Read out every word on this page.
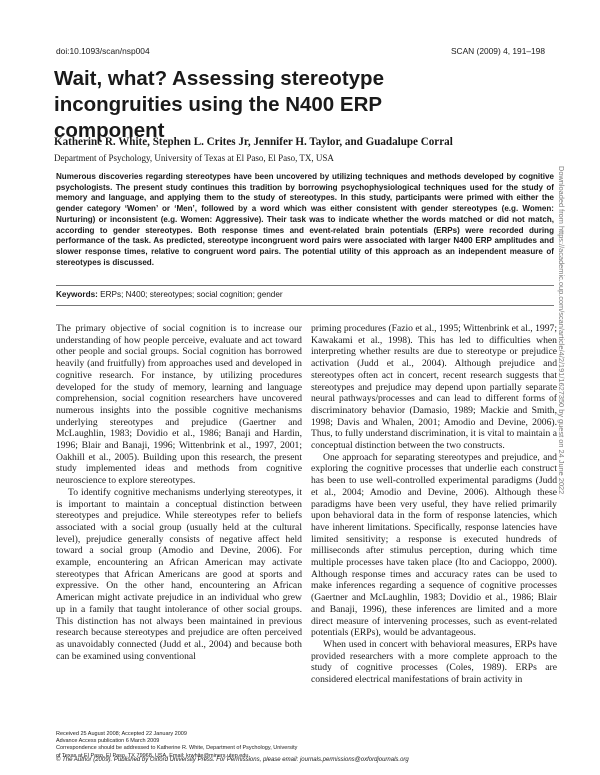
doi:10.1093/scan/nsp004	SCAN (2009) 4, 191–198
Wait, what? Assessing stereotype incongruities using the N400 ERP component
Katherine R. White, Stephen L. Crites Jr, Jennifer H. Taylor, and Guadalupe Corral
Department of Psychology, University of Texas at El Paso, El Paso, TX, USA
Numerous discoveries regarding stereotypes have been uncovered by utilizing techniques and methods developed by cognitive psychologists. The present study continues this tradition by borrowing psychophysiological techniques used for the study of memory and language, and applying them to the study of stereotypes. In this study, participants were primed with either the gender category ‘Women’ or ‘Men’, followed by a word which was either consistent with gender stereotypes (e.g. Women: Nurturing) or inconsistent (e.g. Women: Aggressive). Their task was to indicate whether the words matched or did not match, according to gender stereotypes. Both response times and event-related brain potentials (ERPs) were recorded during performance of the task. As predicted, stereotype incongruent word pairs were associated with larger N400 ERP amplitudes and slower response times, relative to congruent word pairs. The potential utility of this approach as an independent measure of stereotypes is discussed.
Keywords: ERPs; N400; stereotypes; social cognition; gender

The primary objective of social cognition is to increase our understanding of how people perceive, evaluate and act toward other people and social groups. Social cognition has borrowed heavily (and fruitfully) from approaches used and developed in cognitive research. For instance, by utilizing procedures developed for the study of memory, learning and language comprehension, social cognition researchers have uncovered numerous insights into the possible cognitive mechanisms underlying stereotypes and prejudice (Gaertner and McLaughlin, 1983; Dovidio et al., 1986; Banaji and Hardin, 1996; Blair and Banaji, 1996; Wittenbrink et al., 1997, 2001; Oakhill et al., 2005). Building upon this research, the present study implemented ideas and methods from cognitive neuroscience to explore stereotypes.

To identify cognitive mechanisms underlying stereotypes, it is important to maintain a conceptual distinction between stereotypes and prejudice. While stereotypes refer to beliefs associated with a social group (usually held at the cultural level), prejudice generally consists of negative affect held toward a social group (Amodio and Devine, 2006). For example, encountering an African American may activate stereotypes that African Americans are good at sports and expressive. On the other hand, encountering an African American might activate prejudice in an individual who grew up in a family that taught intolerance of other social groups. This distinction has not always been maintained in previous research because stereotypes and prejudice are often perceived as unavoidably connected (Judd et al., 2004) and because both can be examined using conventional

priming procedures (Fazio et al., 1995; Wittenbrink et al., 1997; Kawakami et al., 1998). This has led to difficulties when interpreting whether results are due to stereotype or prejudice activation (Judd et al., 2004). Although prejudice and stereotypes often act in concert, recent research suggests that stereotypes and prejudice may depend upon partially separate neural pathways/processes and can lead to different forms of discriminatory behavior (Damasio, 1989; Mackie and Smith, 1998; Davis and Whalen, 2001; Amodio and Devine, 2006). Thus, to fully understand discrimination, it is vital to maintain a conceptual distinction between the two constructs.

One approach for separating stereotypes and prejudice, and exploring the cognitive processes that underlie each construct has been to use well-controlled experimental paradigms (Judd et al., 2004; Amodio and Devine, 2006). Although these paradigms have been very useful, they have relied primarily upon behavioral data in the form of response latencies, which have inherent limitations. Specifically, response latencies have limited sensitivity; a response is executed hundreds of milliseconds after stimulus perception, during which time multiple processes have taken place (Ito and Cacioppo, 2000). Although response times and accuracy rates can be used to make inferences regarding a sequence of cognitive processes (Gaertner and McLaughlin, 1983; Dovidio et al., 1986; Blair and Banaji, 1996), these inferences are limited and a more direct measure of intervening processes, such as event-related potentials (ERPs), would be advantageous.

When used in concert with behavioral measures, ERPs have provided researchers with a more complete approach to the study of cognitive processes (Coles, 1989). ERPs are considered electrical manifestations of brain activity in

Received 25 August 2008; Accepted 22 January 2009
Advance Access publication 6 March 2009
Correspondence should be addressed to Katherine R. White, Department of Psychology, University of Texas at El Paso, El Paso, TX 79968, USA. Email: krwhite@miners.utep.edu.
© The Author (2009). Published by Oxford University Press. For Permissions, please email: journals.permissions@oxfordjournals.org
Downloaded from https://academic.oup.com/scan/article/4/2/191/1627350 by guest on 24 June 2022
